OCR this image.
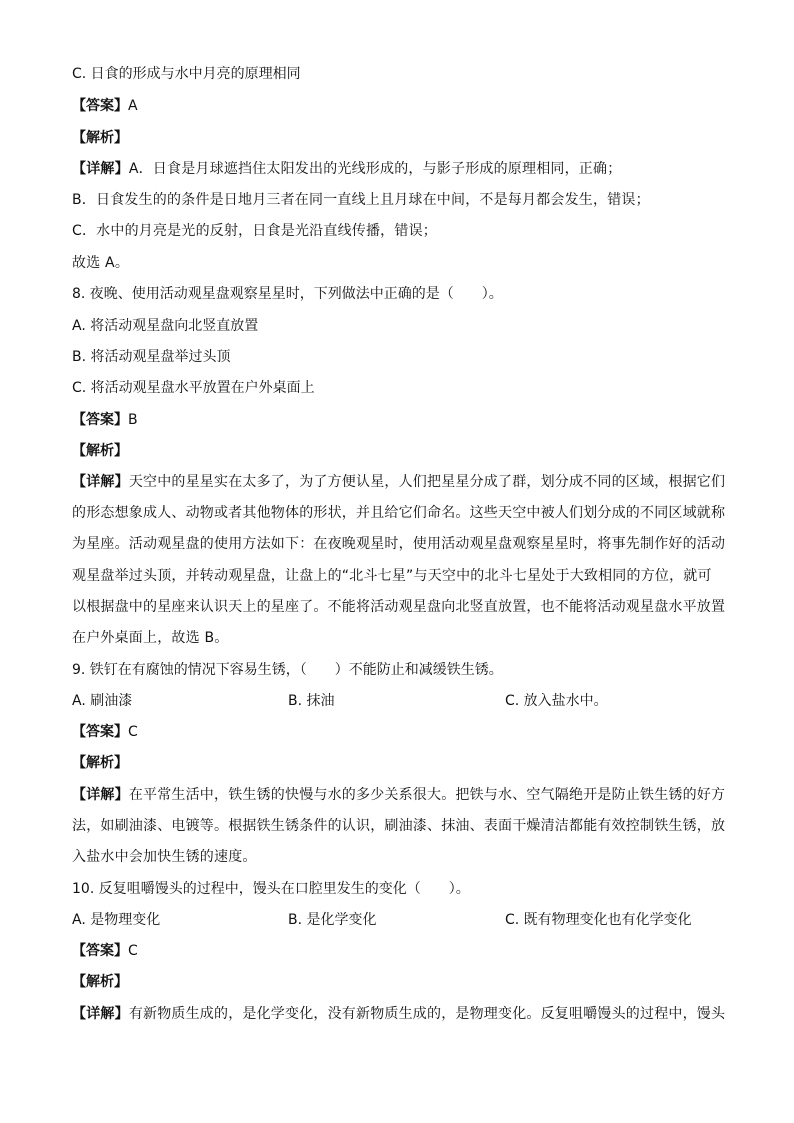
C. 日食的形成与水中月亮的原理相同
【答案】A
【解析】
【详解】A．日食是月球遮挡住太阳发出的光线形成的，与影子形成的原理相同，正确；
B．日食发生的的条件是日地月三者在同一直线上且月球在中间，不是每月都会发生，错误；
C．水中的月亮是光的反射，日食是光沿直线传播，错误；
故选 A。
8. 夜晚、使用活动观星盘观察星星时，下列做法中正确的是（　　）。
A. 将活动观星盘向北竖直放置
B. 将活动观星盘举过头顶
C. 将活动观星盘水平放置在户外桌面上
【答案】B
【解析】
【详解】天空中的星星实在太多了，为了方便认星，人们把星星分成了群，划分成不同的区域，根据它们
的形态想象成人、动物或者其他物体的形状，并且给它们命名。这些天空中被人们划分成的不同区域就称
为星座。活动观星盘的使用方法如下：在夜晚观星时，使用活动观星盘观察星星时，将事先制作好的活动
观星盘举过头顶，并转动观星盘，让盘上的“北斗七星”与天空中的北斗七星处于大致相同的方位，就可
以根据盘中的星座来认识天上的星座了。不能将活动观星盘向北竖直放置，也不能将活动观星盘水平放置
在户外桌面上，故选 B。
9. 铁钉在有腐蚀的情况下容易生锈，（　　）不能防止和减缓铁生锈。
A. 刷油漆	B. 抹油	C. 放入盐水中。
【答案】C
【解析】
【详解】在平常生活中，铁生锈的快慢与水的多少关系很大。把铁与水、空气隔绝开是防止铁生锈的好方
法，如刷油漆、电镀等。根据铁生锈条件的认识，刷油漆、抹油、表面干燥清洁都能有效控制铁生锈，放
入盐水中会加快生锈的速度。
10. 反复咀嚼馒头的过程中，馒头在口腔里发生的变化（　　）。
A. 是物理变化	B. 是化学变化	C. 既有物理变化也有化学变化
【答案】C
【解析】
【详解】有新物质生成的，是化学变化，没有新物质生成的，是物理变化。反复咀嚼馒头的过程中，馒头
